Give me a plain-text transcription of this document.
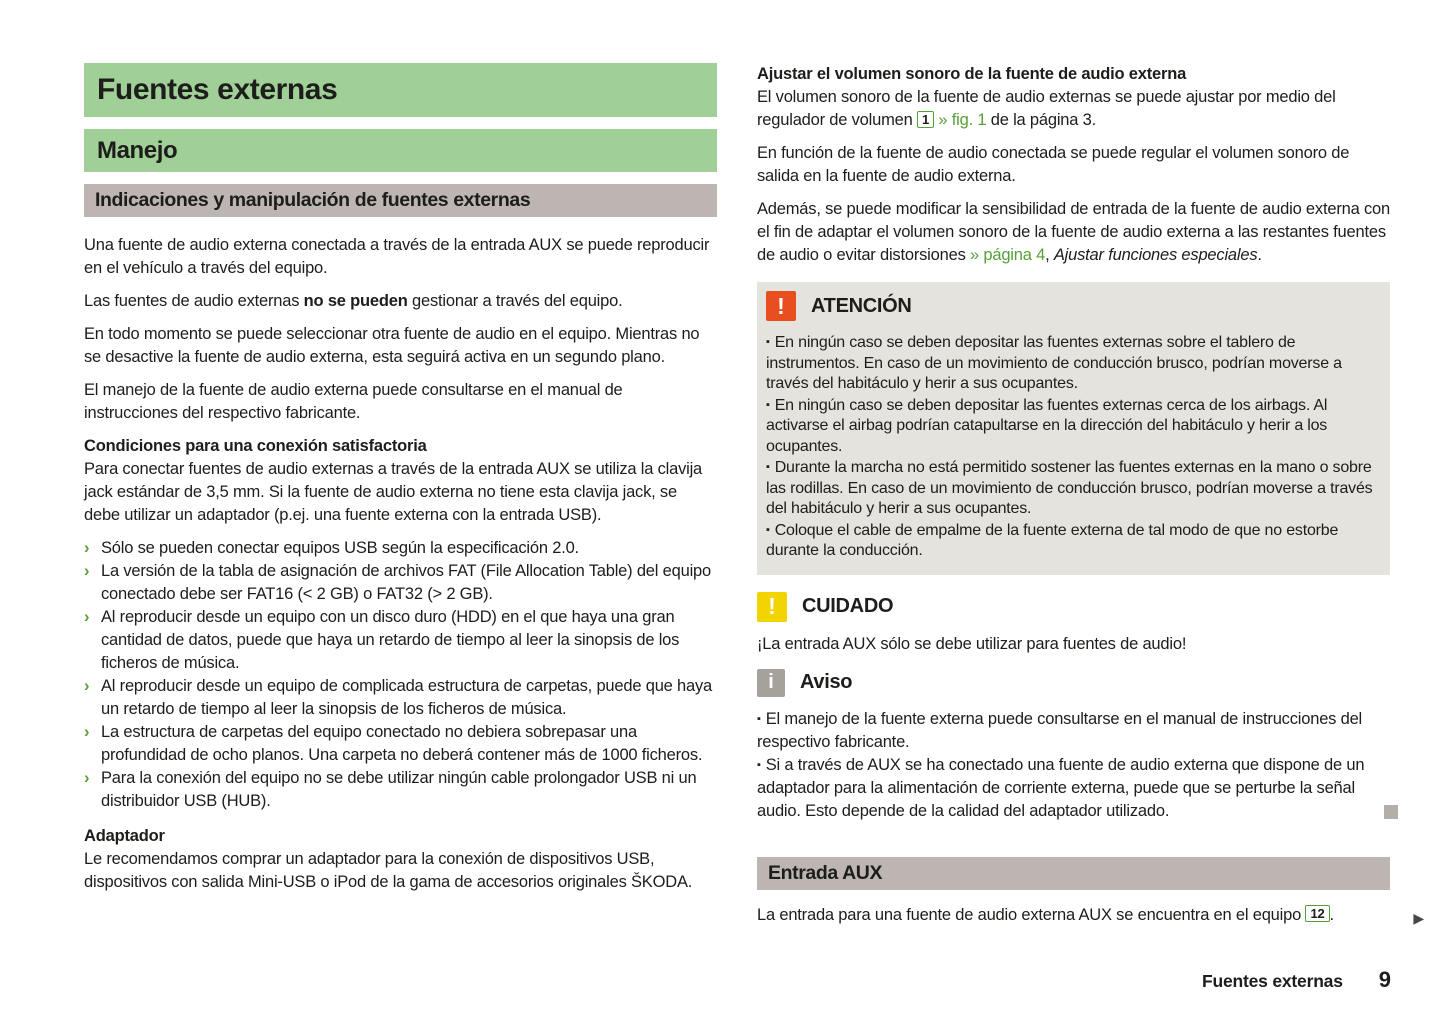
Fuentes externas
Manejo
Indicaciones y manipulación de fuentes externas

Una fuente de audio externa conectada a través de la entrada AUX se puede reproducir en el vehículo a través del equipo.

Las fuentes de audio externas no se pueden gestionar a través del equipo.

En todo momento se puede seleccionar otra fuente de audio en el equipo. Mientras no se desactive la fuente de audio externa, esta seguirá activa en un segundo plano.

El manejo de la fuente de audio externa puede consultarse en el manual de instrucciones del respectivo fabricante.

Condiciones para una conexión satisfactoria

Para conectar fuentes de audio externas a través de la entrada AUX se utiliza la clavija jack estándar de 3,5 mm. Si la fuente de audio externa no tiene esta clavija jack, se debe utilizar un adaptador (p.ej. una fuente externa con la entrada USB).

› Sólo se pueden conectar equipos USB según la especificación 2.0.
› La versión de la tabla de asignación de archivos FAT (File Allocation Table) del equipo conectado debe ser FAT16 (< 2 GB) o FAT32 (> 2 GB).
› Al reproducir desde un equipo con un disco duro (HDD) en el que haya una gran cantidad de datos, puede que haya un retardo de tiempo al leer la sinopsis de los ficheros de música.
› Al reproducir desde un equipo de complicada estructura de carpetas, puede que haya un retardo de tiempo al leer la sinopsis de los ficheros de música.
› La estructura de carpetas del equipo conectado no debiera sobrepasar una profundidad de ocho planos. Una carpeta no deberá contener más de 1000 ficheros.
› Para la conexión del equipo no se debe utilizar ningún cable prolongador USB ni un distribuidor USB (HUB).

Adaptador

Le recomendamos comprar un adaptador para la conexión de dispositivos USB, dispositivos con salida Mini-USB o iPod de la gama de accesorios originales ŠKODA.

Ajustar el volumen sonoro de la fuente de audio externa

El volumen sonoro de la fuente de audio externas se puede ajustar por medio del regulador de volumen 1 » fig. 1 de la página 3.

En función de la fuente de audio conectada se puede regular el volumen sonoro de salida en la fuente de audio externa.

Además, se puede modificar la sensibilidad de entrada de la fuente de audio externa con el fin de adaptar el volumen sonoro de la fuente de audio externa a las restantes fuentes de audio o evitar distorsiones » página 4, Ajustar funciones especiales.

!	ATENCIÓN

▪ En ningún caso se deben depositar las fuentes externas sobre el tablero de instrumentos. En caso de un movimiento de conducción brusco, podrían moverse a través del habitáculo y herir a sus ocupantes.

▪ En ningún caso se deben depositar las fuentes externas cerca de los airbags. Al activarse el airbag podrían catapultarse en la dirección del habitáculo y herir a los ocupantes.

▪ Durante la marcha no está permitido sostener las fuentes externas en la mano o sobre las rodillas. En caso de un movimiento de conducción brusco, podrían moverse a través del habitáculo y herir a sus ocupantes.

▪ Coloque el cable de empalme de la fuente externa de tal modo de que no estorbe durante la conducción.

!	CUIDADO

¡La entrada AUX sólo se debe utilizar para fuentes de audio!

i	Aviso

▪ El manejo de la fuente externa puede consultarse en el manual de instrucciones del respectivo fabricante.

▪ Si a través de AUX se ha conectado una fuente de audio externa que dispone de un adaptador para la alimentación de corriente externa, puede que se perturbe la señal audio. Esto depende de la calidad del adaptador utilizado.

Entrada AUX

La entrada para una fuente de audio externa AUX se encuentra en el equipo 12 .	▶

Fuentes externas 9
